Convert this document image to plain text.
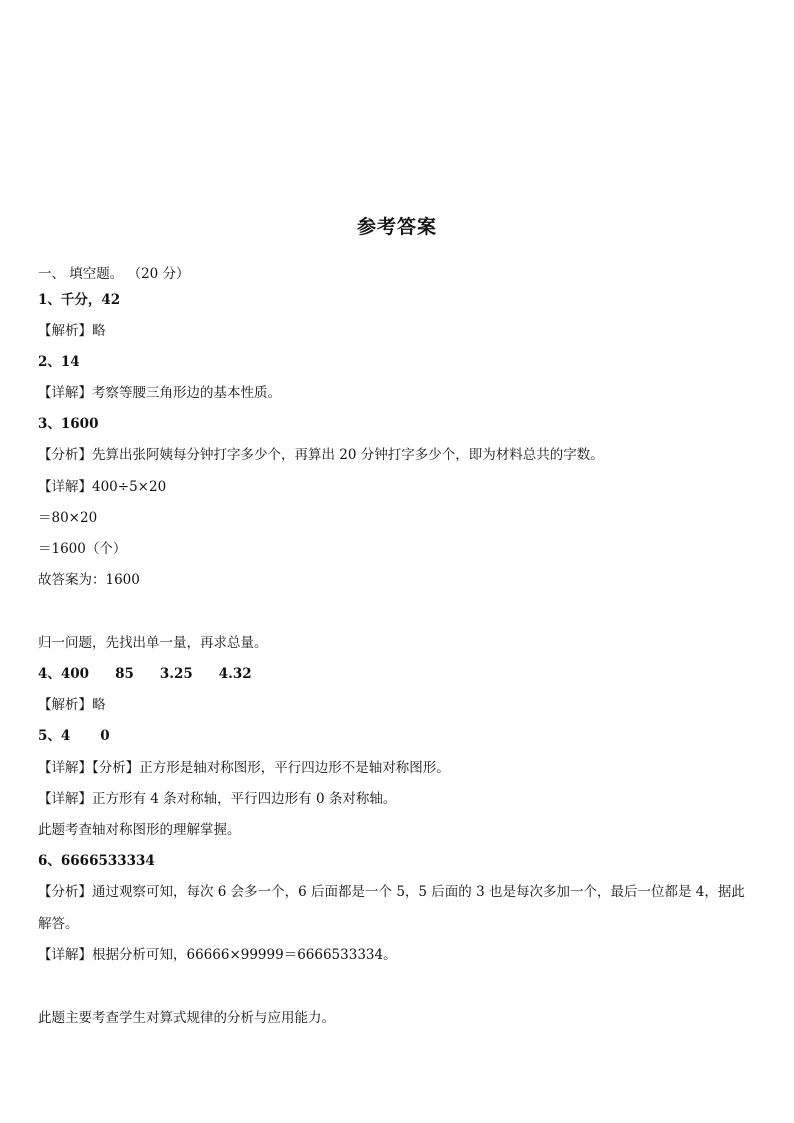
参考答案
一、 填空题。 （20 分）
1、千分，42
【解析】略
2、14
【详解】考察等腰三角形边的基本性质。
3、1600
【分析】先算出张阿姨每分钟打字多少个，再算出 20 分钟打字多少个，即为材料总共的字数。
【详解】400÷5×20
＝80×20
＝1600（个）
故答案为：1600
归一问题，先找出单一量，再求总量。
4、400 85 3.25 4.32
【解析】略
5、4 0
【详解】【分析】正方形是轴对称图形，平行四边形不是轴对称图形。
【详解】正方形有 4 条对称轴，平行四边形有 0 条对称轴。
此题考查轴对称图形的理解掌握。
6、6666533334
【分析】通过观察可知，每次 6 会多一个，6 后面都是一个 5，5 后面的 3 也是每次多加一个，最后一位都是 4，据此
解答。
【详解】根据分析可知，66666×99999＝6666533334。
此题主要考查学生对算式规律的分析与应用能力。
